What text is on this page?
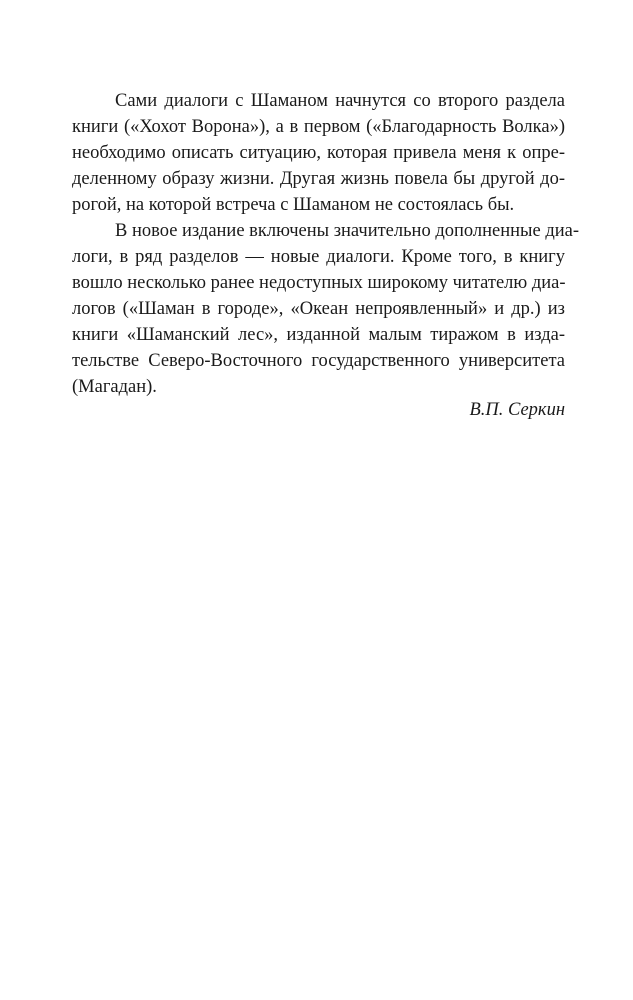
Сами диалоги с Шаманом начнутся со второго раздела
книги («Хохот Ворона»), а в первом («Благодарность Волка»)
необходимо описать ситуацию, которая привела меня к опре-
деленному образу жизни. Другая жизнь повела бы другой до-
рогой, на которой встреча с Шаманом не состоялась бы.
В новое издание включены значительно дополненные диа-
логи, в ряд разделов — новые диалоги. Кроме того, в книгу
вошло несколько ранее недоступных широкому читателю диа-
логов («Шаман в городе», «Океан непроявленный» и др.) из
книги «Шаманский лес», изданной малым тиражом в изда-
тельстве Северо-Восточного государственного университета
(Магадан).
В.П. Серкин
